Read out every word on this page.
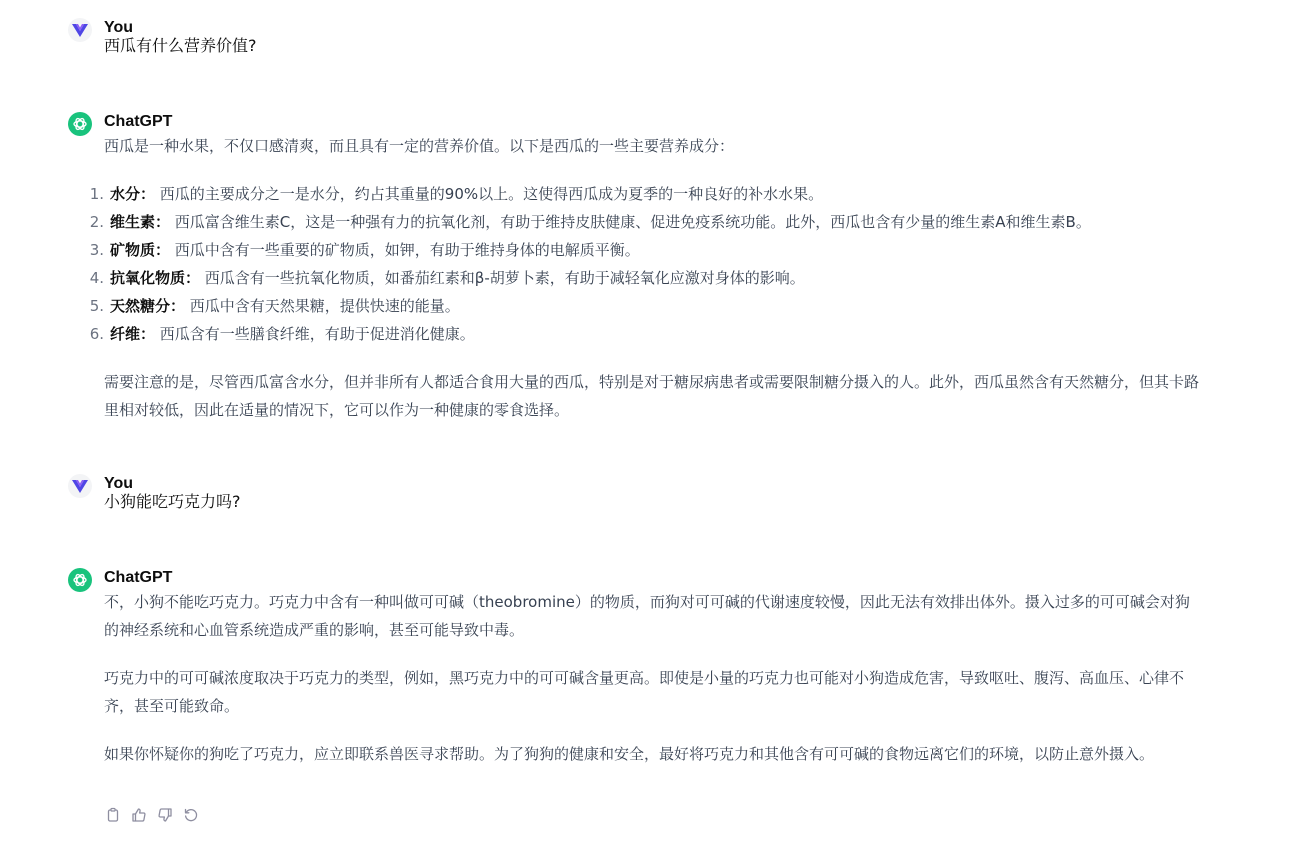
You
西瓜有什么营养价值?
ChatGPT

西瓜是一种水果，不仅口感清爽，而且具有一定的营养价值。以下是西瓜的一些主要营养成分：

1. 水分： 西瓜的主要成分之一是水分，约占其重量的90%以上。这使得西瓜成为夏季的一种良好的补水水果。
2. 维生素： 西瓜富含维生素C，这是一种强有力的抗氧化剂，有助于维持皮肤健康、促进免疫系统功能。此外，西瓜也含有少量的维生素A和维生素B。
3. 矿物质： 西瓜中含有一些重要的矿物质，如钾，有助于维持身体的电解质平衡。
4. 抗氧化物质： 西瓜含有一些抗氧化物质，如番茄红素和β-胡萝卜素，有助于减轻氧化应激对身体的影响。
5. 天然糖分： 西瓜中含有天然果糖，提供快速的能量。
6. 纤维： 西瓜含有一些膳食纤维，有助于促进消化健康。

需要注意的是，尽管西瓜富含水分，但并非所有人都适合食用大量的西瓜，特别是对于糖尿病患者或需要限制糖分摄入的人。此外，西瓜虽然含有天然糖分，但其卡路里相对较低，因此在适量的情况下，它可以作为一种健康的零食选择。

You
小狗能吃巧克力吗?
ChatGPT

不，小狗不能吃巧克力。巧克力中含有一种叫做可可碱（theobromine）的物质，而狗对可可碱的代谢速度较慢，因此无法有效排出体外。摄入过多的可可碱会对狗的神经系统和心血管系统造成严重的影响，甚至可能导致中毒。

巧克力中的可可碱浓度取决于巧克力的类型，例如，黑巧克力中的可可碱含量更高。即使是小量的巧克力也可能对小狗造成危害，导致呕吐、腹泻、高血压、心律不齐，甚至可能致命。

如果你怀疑你的狗吃了巧克力，应立即联系兽医寻求帮助。为了狗狗的健康和安全，最好将巧克力和其他含有可可碱的食物远离它们的环境，以防止意外摄入。
